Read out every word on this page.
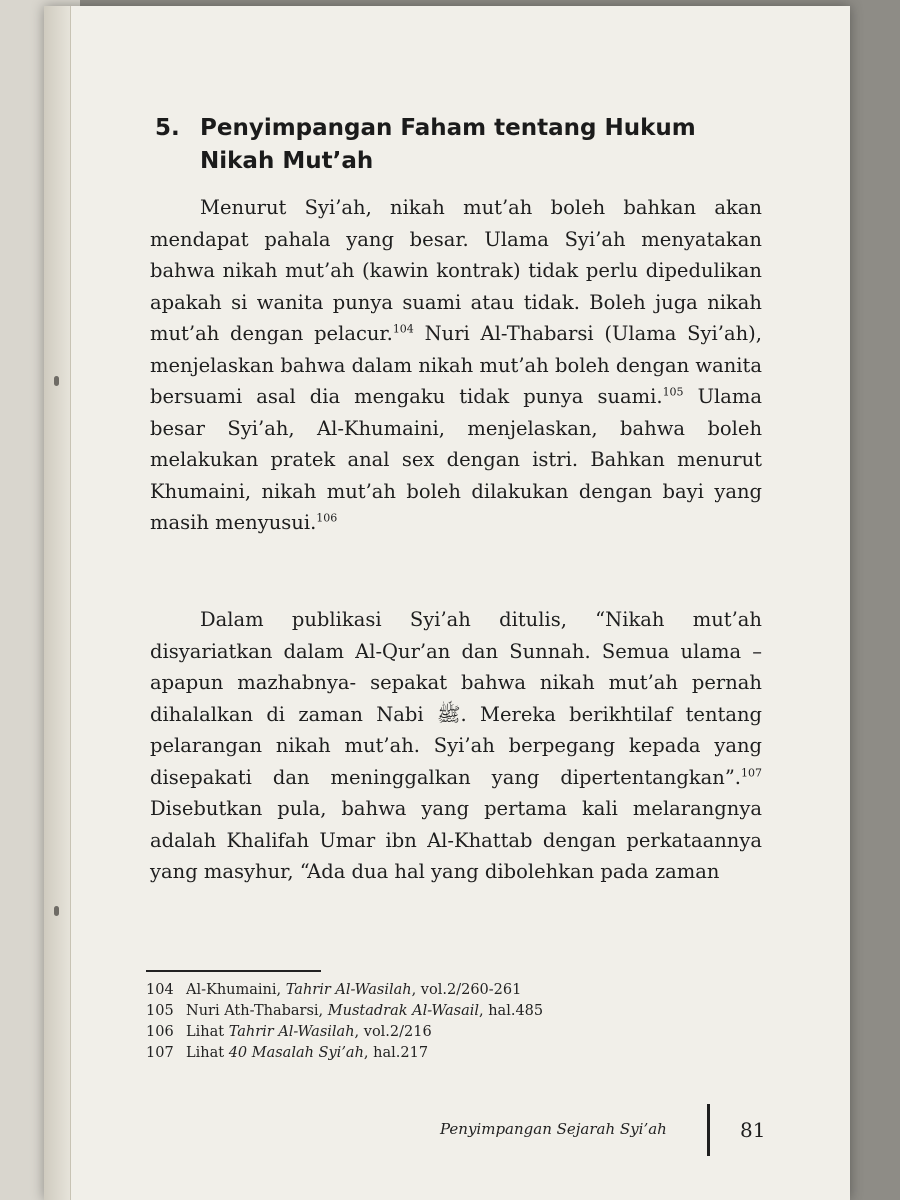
5. Penyimpangan Faham tentang Hukum Nikah Mut’ah

Menurut Syi’ah, nikah mut’ah boleh bahkan akan mendapat pahala yang besar. Ulama Syi’ah menyatakan bahwa nikah mut’ah (kawin kontrak) tidak perlu dipedulikan apakah si wanita punya suami atau tidak. Boleh juga nikah mut’ah dengan pelacur.$^{104}$ Nuri Al-Thabarsi (Ulama Syi’ah), menjelaskan bahwa dalam nikah mut’ah boleh dengan wanita bersuami asal dia mengaku tidak punya suami.$^{105}$ Ulama besar Syi’ah, Al-Khumaini, menjelaskan, bahwa boleh melakukan pratek anal sex dengan istri. Bahkan menurut Khumaini, nikah mut’ah boleh dilakukan dengan bayi yang masih menyusui.$^{106}$

Dalam publikasi Syi’ah ditulis, “Nikah mut’ah disyariatkan dalam Al-Qur’an dan Sunnah. Semua ulama –apapun mazhabnya- sepakat bahwa nikah mut’ah pernah dihalalkan di zaman Nabi ﷺ. Mereka berikhtilaf tentang pelarangan nikah mut’ah. Syi’ah berpegang kepada yang disepakati dan meninggalkan yang dipertentangkan”.$^{107}$ Disebutkan pula, bahwa yang pertama kali melarangnya adalah Khalifah Umar ibn Al-Khattab dengan perkataannya yang masyhur, “Ada dua hal yang dibolehkan pada zaman

104 Al-Khumaini, Tahrir Al-Wasilah, vol.2/260-261
105 Nuri Ath-Thabarsi, Mustadrak Al-Wasail, hal.485
106 Lihat Tahrir Al-Wasilah, vol.2/216
107 Lihat 40 Masalah Syi’ah, hal.217
Penyimpangan Sejarah Syi’ah	81
